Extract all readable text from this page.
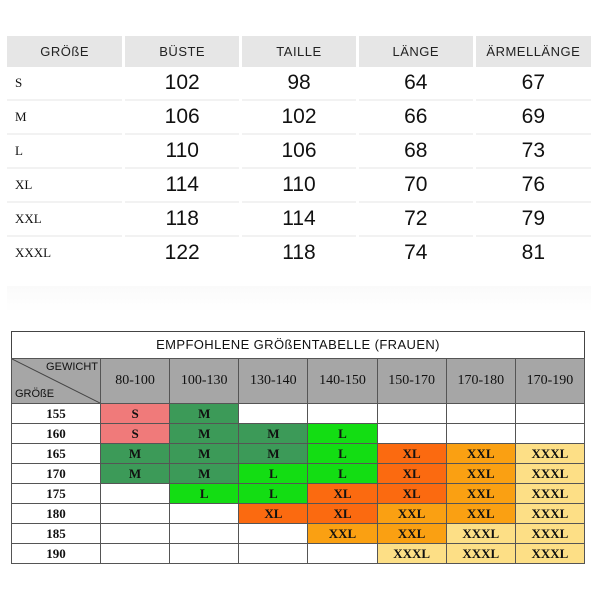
GRÖßE	BÜSTE	TAILLE	LÄNGE	ÄRMELLÄNGE
S	102	98	64	67
M	106	102	66	69
L	110	106	68	73
XL	114	110	70	76
XXL	118	114	72	79
XXXL	122	118	74	81
EMPFOHLENE GRÖßENTABELLE (FRAUEN)
GEWICHT
GRÖßE	80-100	100-130	130-140	140-150	150-170	170-180	170-190
155	S	M					
160	S	M	M	L			
165	M	M	M	L	XL	XXL	XXXL
170	M	M	L	L	XL	XXL	XXXL
175		L	L	XL	XL	XXL	XXXL
180			XL	XL	XXL	XXL	XXXL
185				XXL	XXL	XXXL	XXXL
190					XXXL	XXXL	XXXL
